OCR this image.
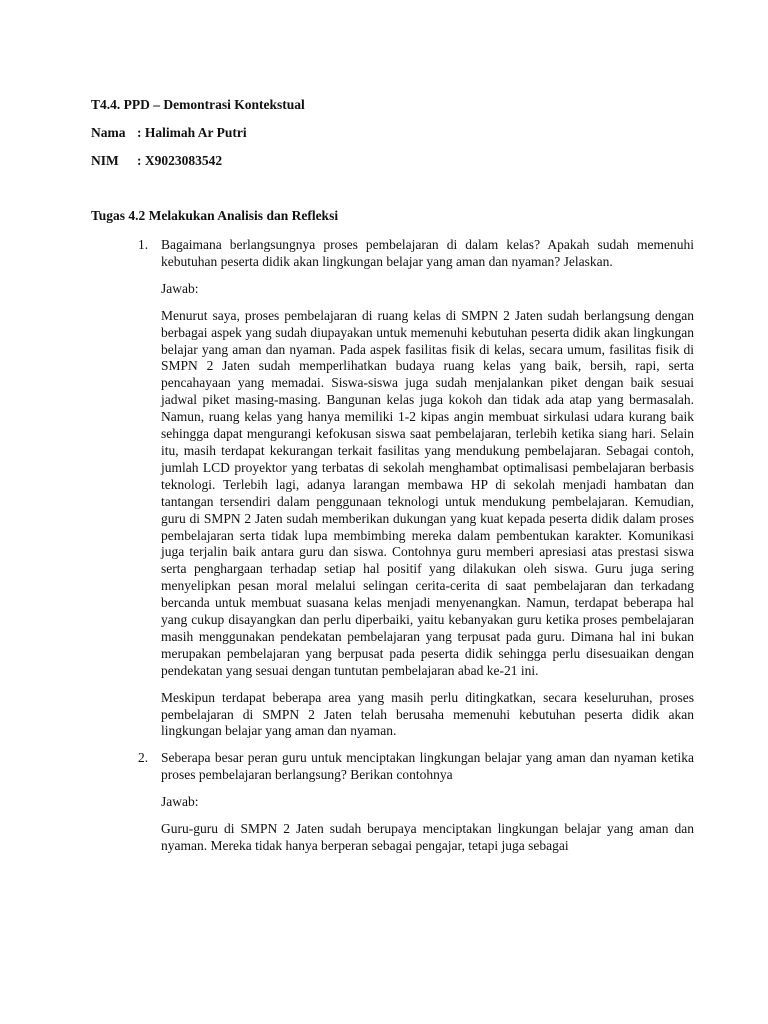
T4.4. PPD – Demontrasi Kontekstual

Nama : Halimah Ar Putri

NIM : X9023083542

Tugas 4.2 Melakukan Analisis dan Refleksi

1. Bagaimana berlangsungnya proses pembelajaran di dalam kelas? Apakah sudah memenuhi kebutuhan peserta didik akan lingkungan belajar yang aman dan nyaman? Jelaskan.

Jawab:

Menurut saya, proses pembelajaran di ruang kelas di SMPN 2 Jaten sudah berlangsung dengan berbagai aspek yang sudah diupayakan untuk memenuhi kebutuhan peserta didik akan lingkungan belajar yang aman dan nyaman. Pada aspek fasilitas fisik di kelas, secara umum, fasilitas fisik di SMPN 2 Jaten sudah memperlihatkan budaya ruang kelas yang baik, bersih, rapi, serta pencahayaan yang memadai. Siswa-siswa juga sudah menjalankan piket dengan baik sesuai jadwal piket masing-masing. Bangunan kelas juga kokoh dan tidak ada atap yang bermasalah. Namun, ruang kelas yang hanya memiliki 1-2 kipas angin membuat sirkulasi udara kurang baik sehingga dapat mengurangi kefokusan siswa saat pembelajaran, terlebih ketika siang hari. Selain itu, masih terdapat kekurangan terkait fasilitas yang mendukung pembelajaran. Sebagai contoh, jumlah LCD proyektor yang terbatas di sekolah menghambat optimalisasi pembelajaran berbasis teknologi. Terlebih lagi, adanya larangan membawa HP di sekolah menjadi hambatan dan tantangan tersendiri dalam penggunaan teknologi untuk mendukung pembelajaran. Kemudian, guru di SMPN 2 Jaten sudah memberikan dukungan yang kuat kepada peserta didik dalam proses pembelajaran serta tidak lupa membimbing mereka dalam pembentukan karakter. Komunikasi juga terjalin baik antara guru dan siswa. Contohnya guru memberi apresiasi atas prestasi siswa serta penghargaan terhadap setiap hal positif yang dilakukan oleh siswa. Guru juga sering menyelipkan pesan moral melalui selingan cerita-cerita di saat pembelajaran dan terkadang bercanda untuk membuat suasana kelas menjadi menyenangkan. Namun, terdapat beberapa hal yang cukup disayangkan dan perlu diperbaiki, yaitu kebanyakan guru ketika proses pembelajaran masih menggunakan pendekatan pembelajaran yang terpusat pada guru. Dimana hal ini bukan merupakan pembelajaran yang berpusat pada peserta didik sehingga perlu disesuaikan dengan pendekatan yang sesuai dengan tuntutan pembelajaran abad ke-21 ini.

Meskipun terdapat beberapa area yang masih perlu ditingkatkan, secara keseluruhan, proses pembelajaran di SMPN 2 Jaten telah berusaha memenuhi kebutuhan peserta didik akan lingkungan belajar yang aman dan nyaman.

2. Seberapa besar peran guru untuk menciptakan lingkungan belajar yang aman dan nyaman ketika proses pembelajaran berlangsung? Berikan contohnya

Jawab:

Guru-guru di SMPN 2 Jaten sudah berupaya menciptakan lingkungan belajar yang aman dan nyaman. Mereka tidak hanya berperan sebagai pengajar, tetapi juga sebagai
